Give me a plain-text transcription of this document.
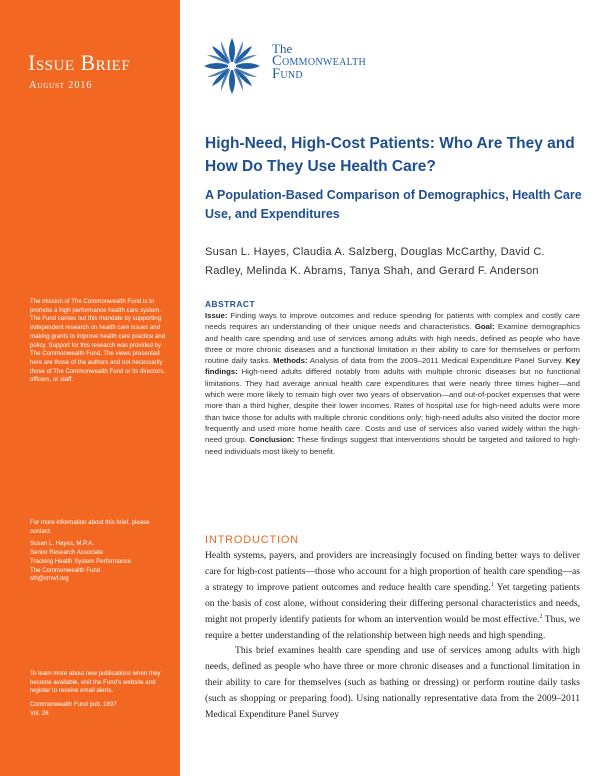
Issue Brief
August 2016

The mission of The Commonwealth Fund is to promote a high performance health care system. The Fund carries out this mandate by supporting independent research on health care issues and making grants to improve health care practice and policy. Support for this research was provided by The Commonwealth Fund. The views presented here are those of the authors and not necessarily those of The Commonwealth Fund or its directors, officers, or staff.

For more information about this brief, please contact:

Susan L. Hayes, M.P.A.

Senior Research Associate

Tracking Health System Performance

The Commonwealth Fund

slh@cmwf.org

To learn more about new publications when they become available, visit the Fund's website and register to receive email alerts.

Commonwealth Fund pub. 1897

Vol. 26

The
Commonwealth
Fund
High-Need, High-Cost Patients: Who Are They and How Do They Use Health Care?
A Population-Based Comparison of Demographics, Health Care Use, and Expenditures
Susan L. Hayes, Claudia A. Salzberg, Douglas McCarthy, David C. Radley, Melinda K. Abrams, Tanya Shah, and Gerard F. Anderson
ABSTRACT

Issue: Finding ways to improve outcomes and reduce spending for patients with complex and costly care needs requires an understanding of their unique needs and characteristics. Goal: Examine demographics and health care spending and use of services among adults with high needs, defined as people who have three or more chronic diseases and a functional limitation in their ability to care for themselves or perform routine daily tasks. Methods: Analysis of data from the 2009–2011 Medical Expenditure Panel Survey. Key findings: High-need adults differed notably from adults with multiple chronic diseases but no functional limitations. They had average annual health care expenditures that were nearly three times higher—and which were more likely to remain high over two years of observation—and out-of-pocket expenses that were more than a third higher, despite their lower incomes. Rates of hospital use for high-need adults were more than twice those for adults with multiple chronic conditions only; high-need adults also visited the doctor more frequently and used more home health care. Costs and use of services also varied widely within the high-need group. Conclusion: These findings suggest that interventions should be targeted and tailored to high-need individuals most likely to benefit.

INTRODUCTION

Health systems, payers, and providers are increasingly focused on finding better ways to deliver care for high-cost patients—those who account for a high proportion of health care spending—as a strategy to improve patient outcomes and reduce health care spending.$^1$ Yet targeting patients on the basis of cost alone, without considering their differing personal characteristics and needs, might not properly identify patients for whom an intervention would be most effective.$^2$ Thus, we require a better understanding of the relationship between high needs and high spending.

This brief examines health care spending and use of services among adults with high needs, defined as people who have three or more chronic diseases and a functional limitation in their ability to care for themselves (such as bathing or dressing) or perform routine daily tasks (such as shopping or preparing food). Using nationally representative data from the 2009–2011 Medical Expenditure Panel Survey
